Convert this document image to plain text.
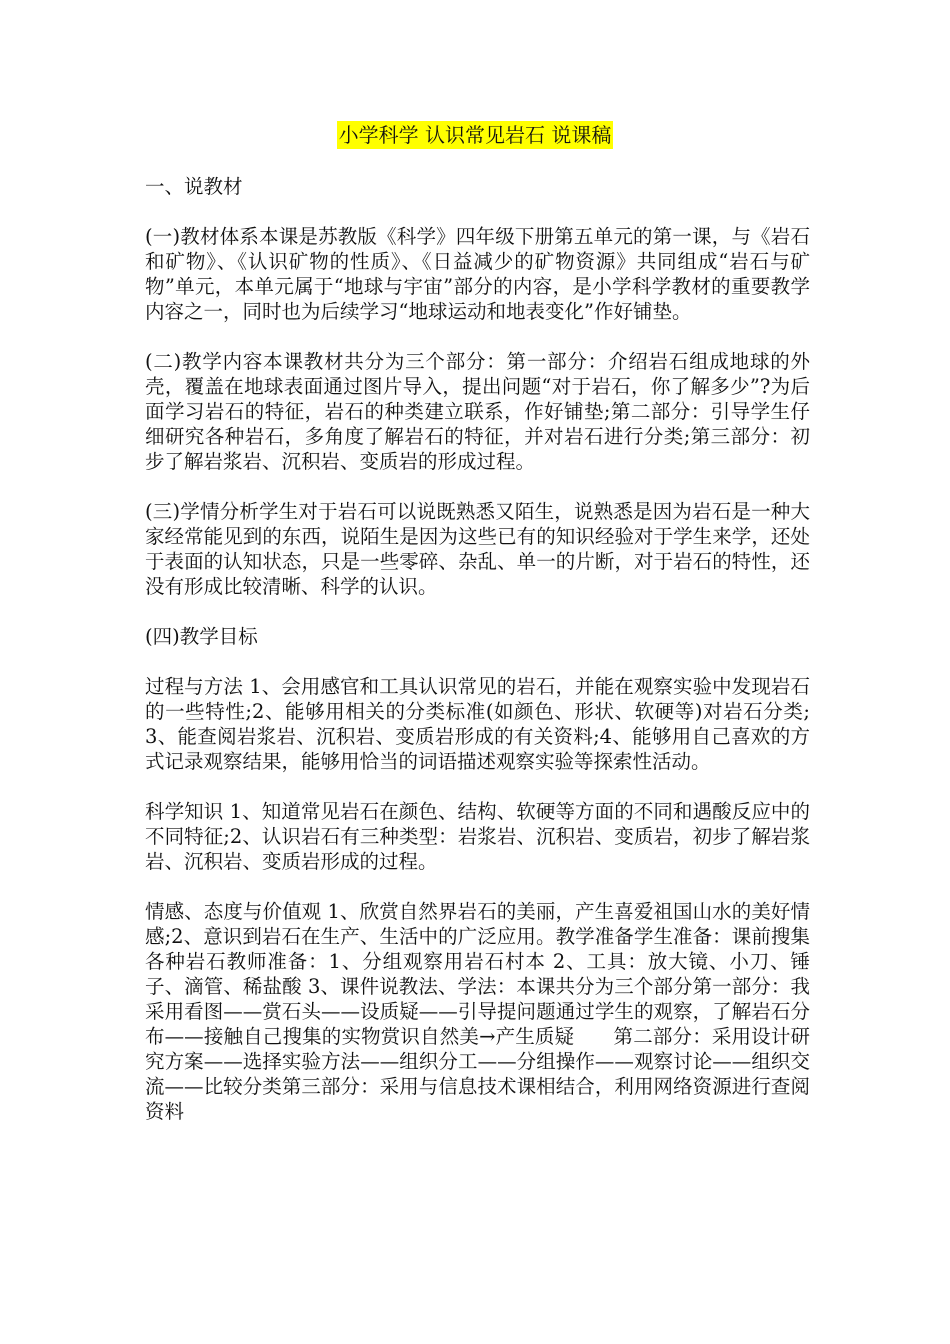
小学科学 认识常见岩石 说课稿

一、说教材

(一)教材体系本课是苏教版《科学》四年级下册第五单元的第一课，与《岩石和矿物》、《认识矿物的性质》、《日益减少的矿物资源》共同组成“岩石与矿物”单元，本单元属于“地球与宇宙”部分的内容，是小学科学教材的重要教学内容之一，同时也为后续学习“地球运动和地表变化”作好铺垫。

(二)教学内容本课教材共分为三个部分：第一部分：介绍岩石组成地球的外壳，覆盖在地球表面通过图片导入，提出问题“对于岩石，你了解多少”?为后面学习岩石的特征，岩石的种类建立联系，作好铺垫;第二部分：引导学生仔细研究各种岩石，多角度了解岩石的特征，并对岩石进行分类;第三部分：初步了解岩浆岩、沉积岩、变质岩的形成过程。

(三)学情分析学生对于岩石可以说既熟悉又陌生，说熟悉是因为岩石是一种大家经常能见到的东西，说陌生是因为这些已有的知识经验对于学生来学，还处于表面的认知状态，只是一些零碎、杂乱、单一的片断，对于岩石的特性，还没有形成比较清晰、科学的认识。

(四)教学目标

过程与方法 1、会用感官和工具认识常见的岩石，并能在观察实验中发现岩石的一些特性;2、能够用相关的分类标准(如颜色、形状、软硬等)对岩石分类;3、能查阅岩浆岩、沉积岩、变质岩形成的有关资料;4、能够用自己喜欢的方式记录观察结果，能够用恰当的词语描述观察实验等探索性活动。

科学知识 1、知道常见岩石在颜色、结构、软硬等方面的不同和遇酸反应中的不同特征;2、认识岩石有三种类型：岩浆岩、沉积岩、变质岩，初步了解岩浆岩、沉积岩、变质岩形成的过程。

情感、态度与价值观 1、欣赏自然界岩石的美丽，产生喜爱祖国山水的美好情感;2、意识到岩石在生产、生活中的广泛应用。教学准备学生准备：课前搜集各种岩石教师准备：1、分组观察用岩石村本 2、工具：放大镜、小刀、锤子、滴管、稀盐酸 3、课件说教法、学法：本课共分为三个部分第一部分：我采用看图——赏石头——设质疑——引导提问题通过学生的观察，了解岩石分布——接触自己搜集的实物赏识自然美→产生质疑　　第二部分：采用设计研究方案——选择实验方法——组织分工——分组操作——观察讨论——组织交流——比较分类第三部分：采用与信息技术课相结合，利用网络资源进行查阅资料
